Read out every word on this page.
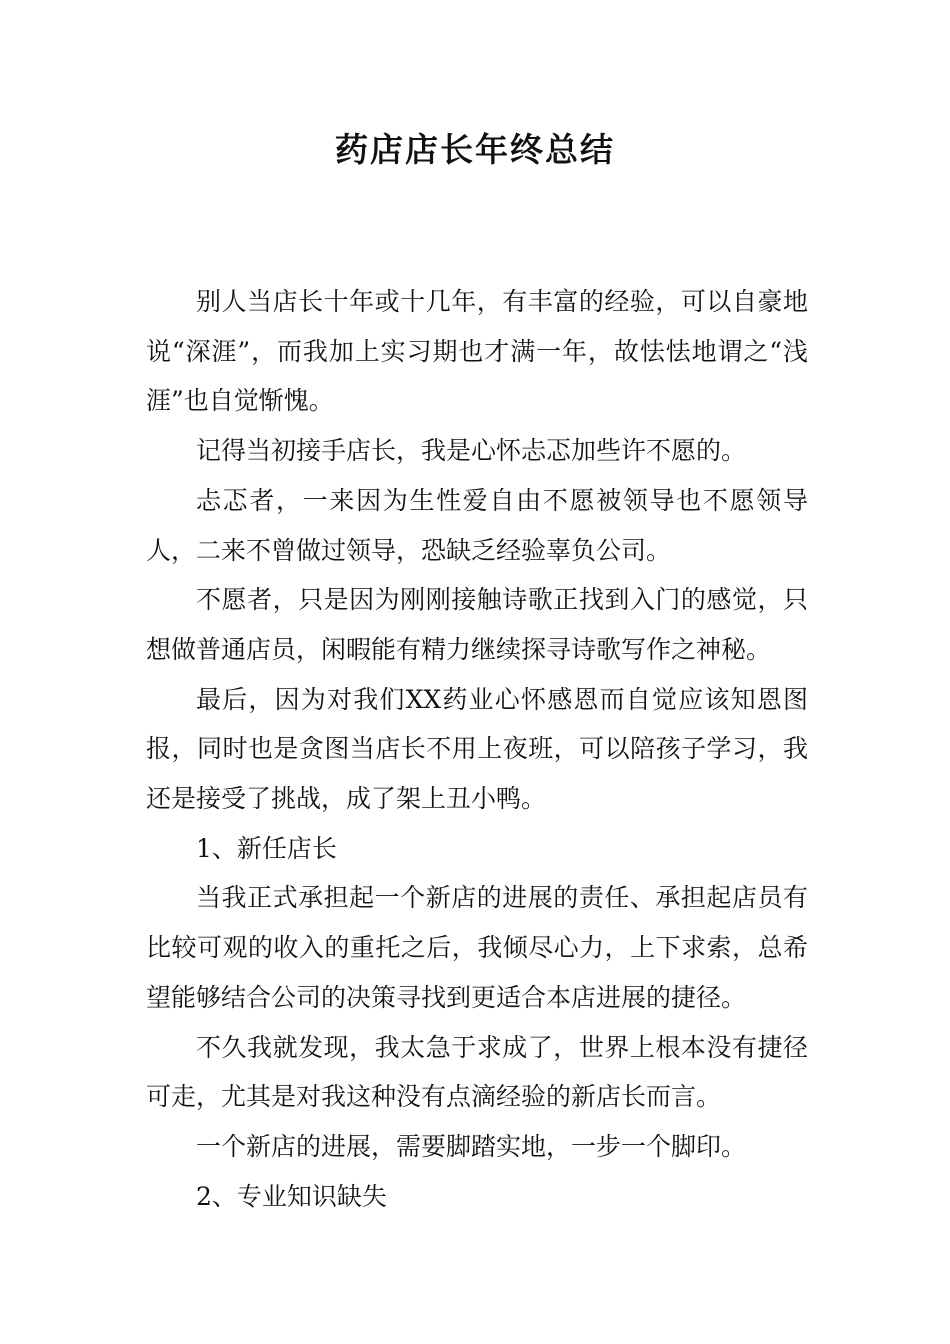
药店店长年终总结

别人当店长十年或十几年，有丰富的经验，可以自豪地说“深涯”，而我加上实习期也才满一年，故怯怯地谓之“浅涯”也自觉惭愧。

记得当初接手店长，我是心怀忐忑加些许不愿的。

忐忑者，一来因为生性爱自由不愿被领导也不愿领导人，二来不曾做过领导，恐缺乏经验辜负公司。

不愿者，只是因为刚刚接触诗歌正找到入门的感觉，只想做普通店员，闲暇能有精力继续探寻诗歌写作之神秘。

最后，因为对我们XX药业心怀感恩而自觉应该知恩图报，同时也是贪图当店长不用上夜班，可以陪孩子学习，我还是接受了挑战，成了架上丑小鸭。

1、新任店长

当我正式承担起一个新店的进展的责任、承担起店员有比较可观的收入的重托之后，我倾尽心力，上下求索，总希望能够结合公司的决策寻找到更适合本店进展的捷径。

不久我就发现，我太急于求成了，世界上根本没有捷径可走，尤其是对我这种没有点滴经验的新店长而言。

一个新店的进展，需要脚踏实地，一步一个脚印。

2、专业知识缺失
